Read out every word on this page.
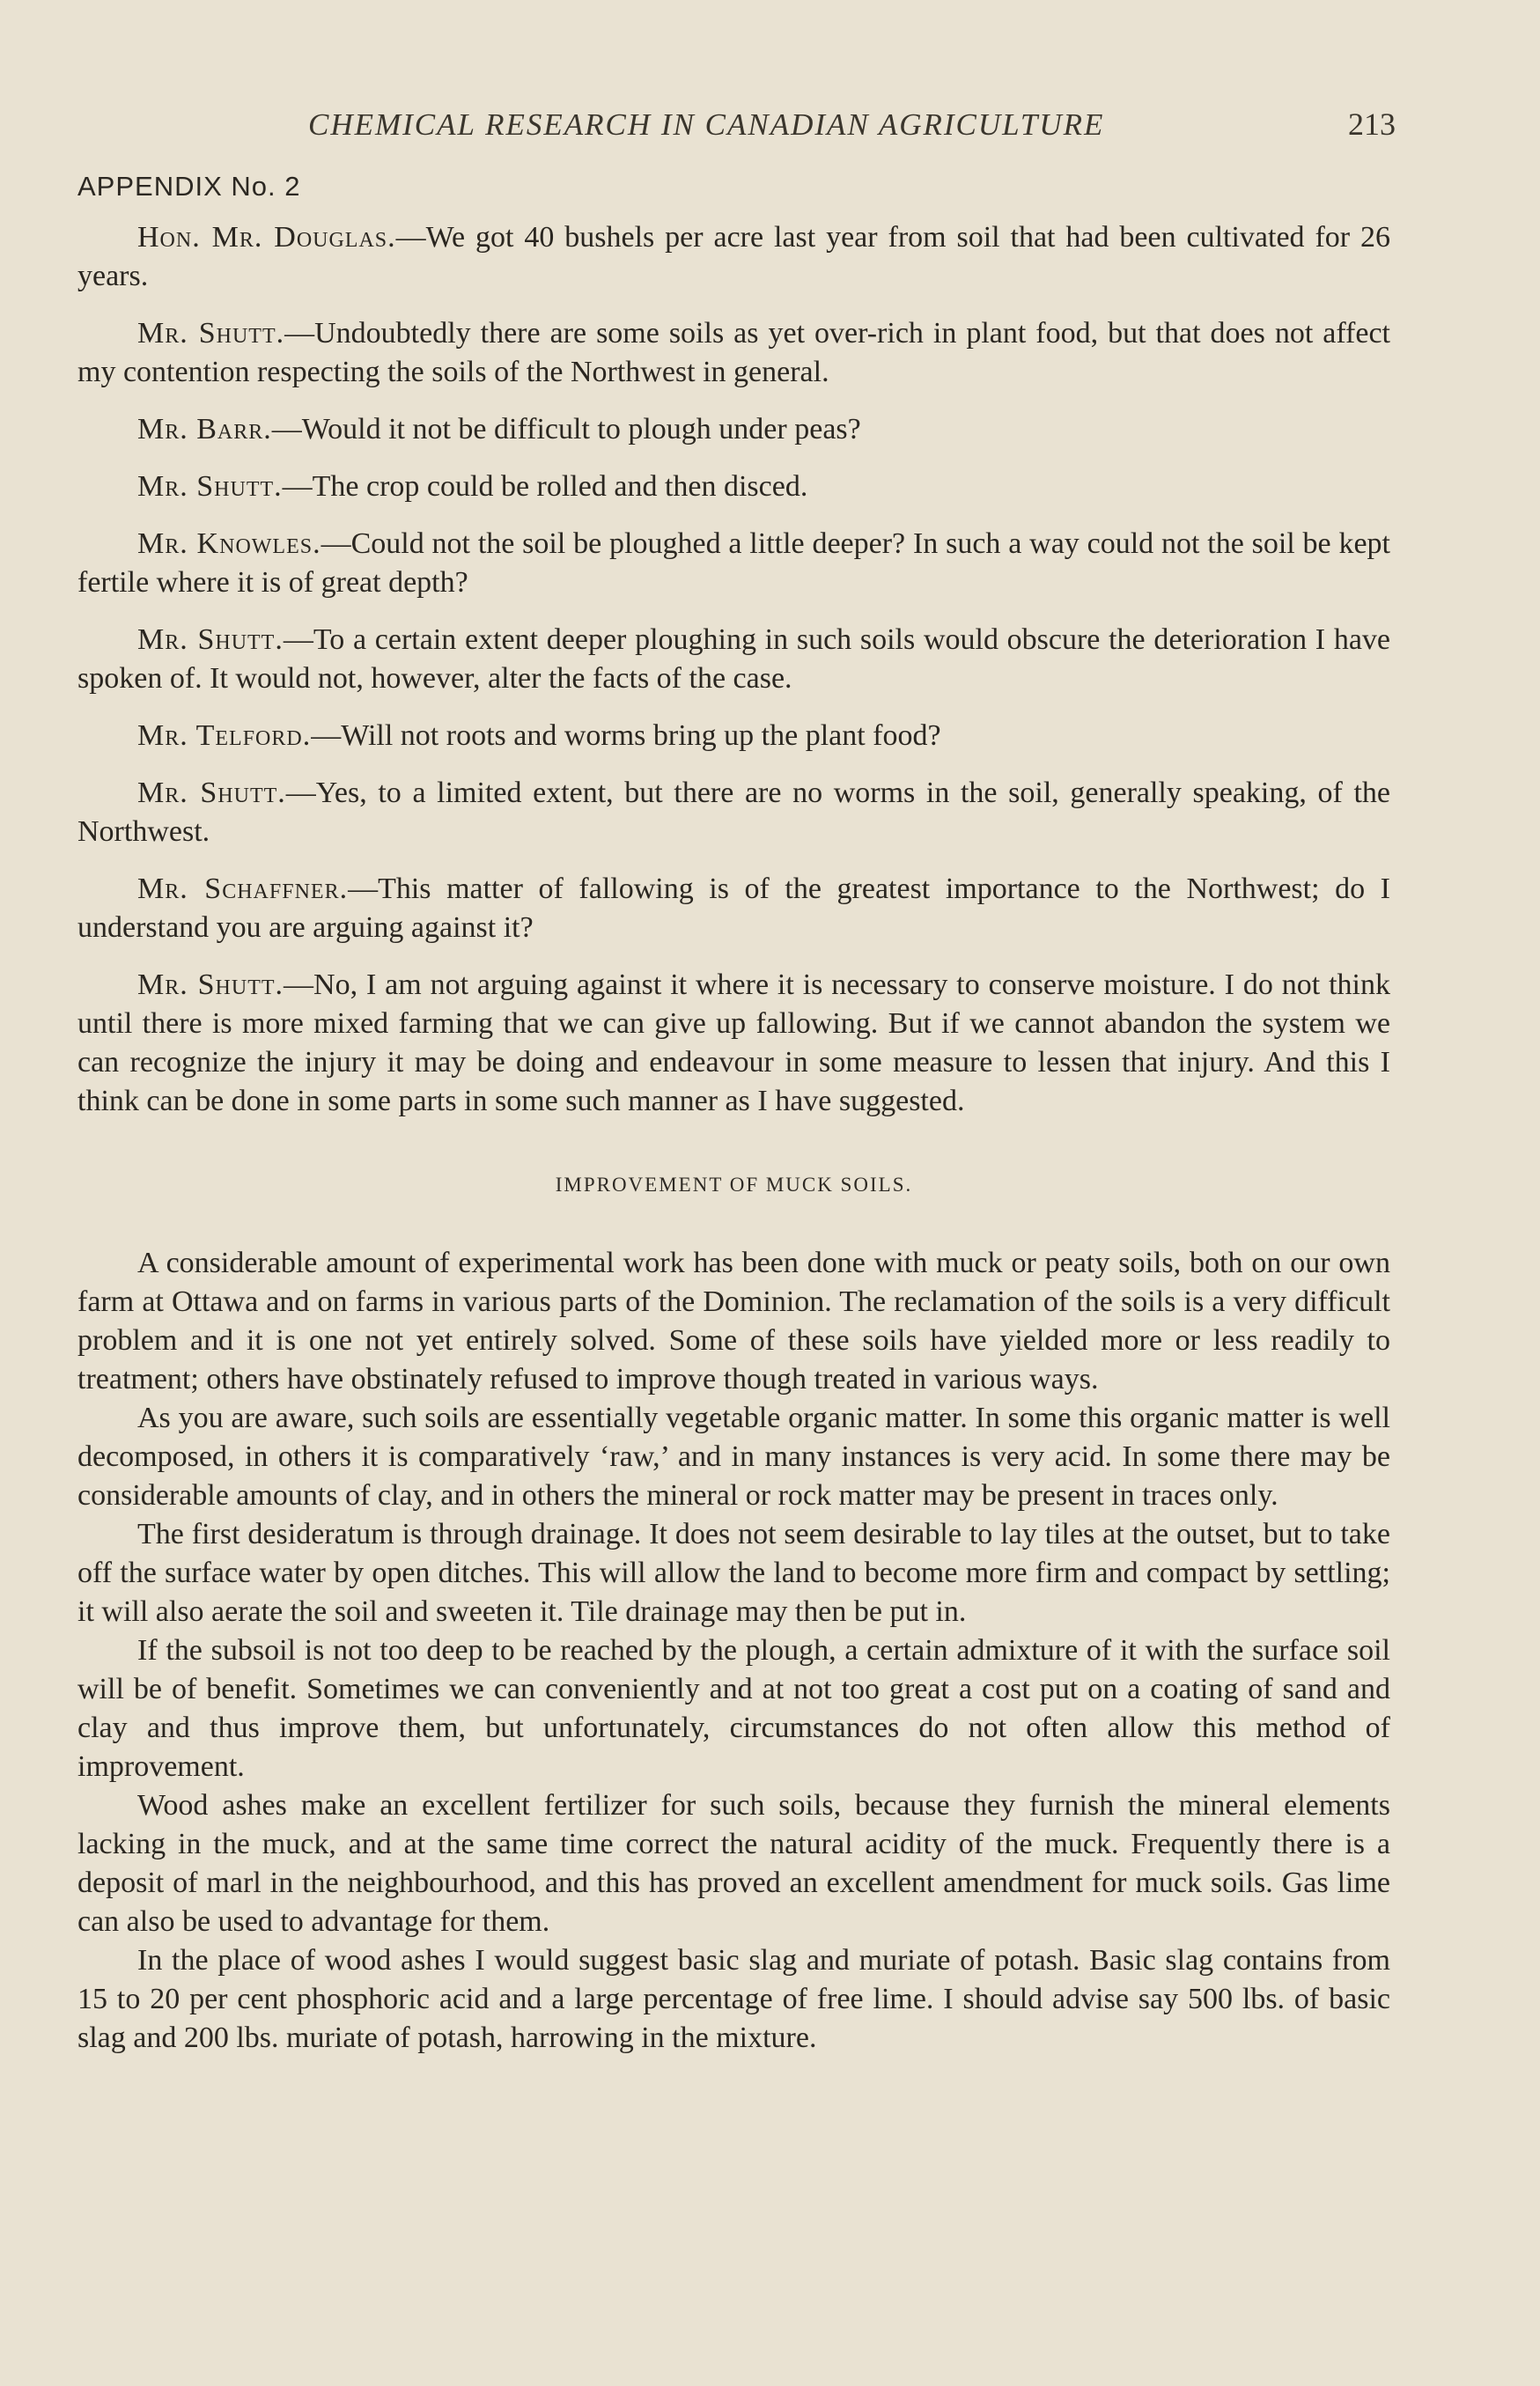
CHEMICAL RESEARCH IN CANADIAN AGRICULTURE	213
APPENDIX No. 2

Hon. Mr. Douglas.—We got 40 bushels per acre last year from soil that had been cultivated for 26 years.

Mr. Shutt.—Undoubtedly there are some soils as yet over-rich in plant food, but that does not affect my contention respecting the soils of the Northwest in general.

Mr. Barr.—Would it not be difficult to plough under peas?

Mr. Shutt.—The crop could be rolled and then disced.

Mr. Knowles.—Could not the soil be ploughed a little deeper? In such a way could not the soil be kept fertile where it is of great depth?

Mr. Shutt.—To a certain extent deeper ploughing in such soils would obscure the deterioration I have spoken of. It would not, however, alter the facts of the case.

Mr. Telford.—Will not roots and worms bring up the plant food?

Mr. Shutt.—Yes, to a limited extent, but there are no worms in the soil, generally speaking, of the Northwest.

Mr. Schaffner.—This matter of fallowing is of the greatest importance to the Northwest; do I understand you are arguing against it?

Mr. Shutt.—No, I am not arguing against it where it is necessary to conserve moisture. I do not think until there is more mixed farming that we can give up fallowing. But if we cannot abandon the system we can recognize the injury it may be doing and endeavour in some measure to lessen that injury. And this I think can be done in some parts in some such manner as I have suggested.

IMPROVEMENT OF MUCK SOILS.

A considerable amount of experimental work has been done with muck or peaty soils, both on our own farm at Ottawa and on farms in various parts of the Dominion. The reclamation of the soils is a very difficult problem and it is one not yet entirely solved. Some of these soils have yielded more or less readily to treatment; others have obstinately refused to improve though treated in various ways.

As you are aware, such soils are essentially vegetable organic matter. In some this organic matter is well decomposed, in others it is comparatively ‘raw,’ and in many instances is very acid. In some there may be considerable amounts of clay, and in others the mineral or rock matter may be present in traces only.

The first desideratum is through drainage. It does not seem desirable to lay tiles at the outset, but to take off the surface water by open ditches. This will allow the land to become more firm and compact by settling; it will also aerate the soil and sweeten it. Tile drainage may then be put in.

If the subsoil is not too deep to be reached by the plough, a certain admixture of it with the surface soil will be of benefit. Sometimes we can conveniently and at not too great a cost put on a coating of sand and clay and thus improve them, but unfortunately, circumstances do not often allow this method of improvement.

Wood ashes make an excellent fertilizer for such soils, because they furnish the mineral elements lacking in the muck, and at the same time correct the natural acidity of the muck. Frequently there is a deposit of marl in the neighbourhood, and this has proved an excellent amendment for muck soils. Gas lime can also be used to advantage for them.

In the place of wood ashes I would suggest basic slag and muriate of potash. Basic slag contains from 15 to 20 per cent phosphoric acid and a large percentage of free lime. I should advise say 500 lbs. of basic slag and 200 lbs. muriate of potash, harrowing in the mixture.
